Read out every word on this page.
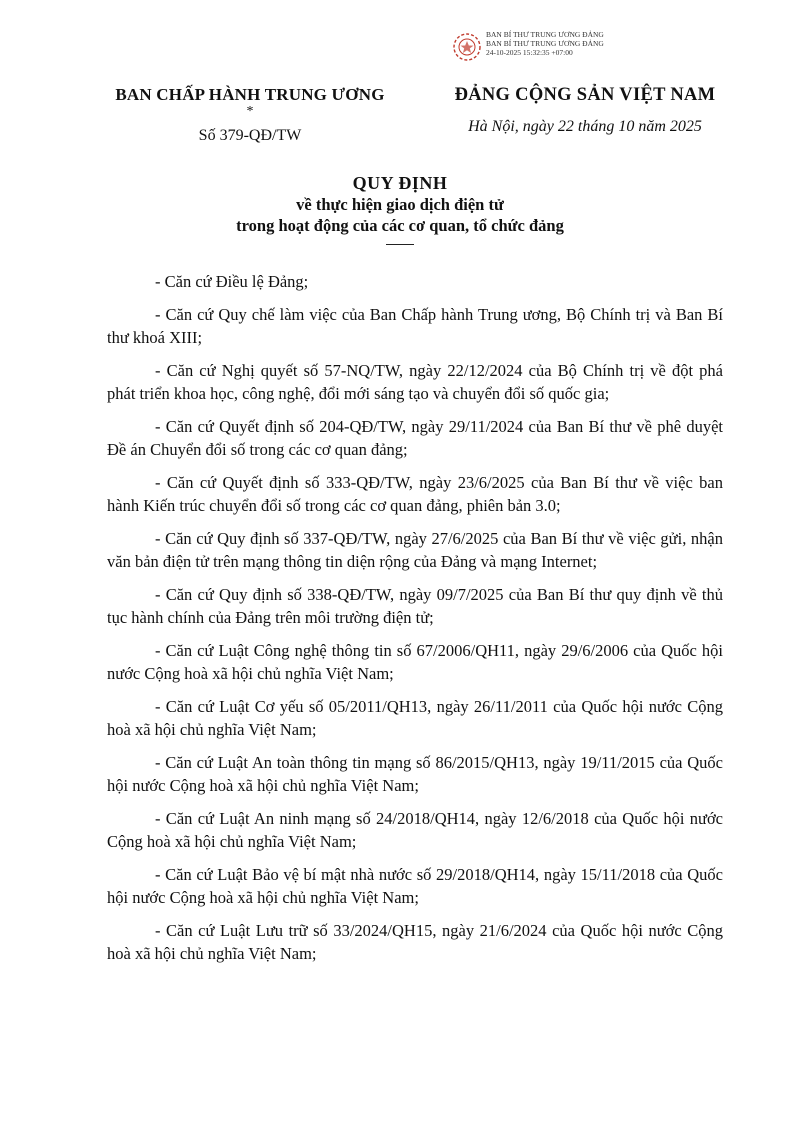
BAN BÍ THƯ TRUNG ƯƠNG ĐẢNG
BAN BÍ THƯ TRUNG ƯƠNG ĐẢNG
24-10-2025 15:32:35 +07:00
BAN CHẤP HÀNH TRUNG ƯƠNG
*
Số 379-QĐ/TW
ĐẢNG CỘNG SẢN VIỆT NAM
Hà Nội, ngày 22 tháng 10 năm 2025
QUY ĐỊNH
về thực hiện giao dịch điện tử
trong hoạt động của các cơ quan, tổ chức đảng

- Căn cứ Điều lệ Đảng;

- Căn cứ Quy chế làm việc của Ban Chấp hành Trung ương, Bộ Chính trị và Ban Bí thư khoá XIII;

- Căn cứ Nghị quyết số 57-NQ/TW, ngày 22/12/2024 của Bộ Chính trị về đột phá phát triển khoa học, công nghệ, đổi mới sáng tạo và chuyển đổi số quốc gia;

- Căn cứ Quyết định số 204-QĐ/TW, ngày 29/11/2024 của Ban Bí thư về phê duyệt Đề án Chuyển đổi số trong các cơ quan đảng;

- Căn cứ Quyết định số 333-QĐ/TW, ngày 23/6/2025 của Ban Bí thư về việc ban hành Kiến trúc chuyển đổi số trong các cơ quan đảng, phiên bản 3.0;

- Căn cứ Quy định số 337-QĐ/TW, ngày 27/6/2025 của Ban Bí thư về việc gửi, nhận văn bản điện tử trên mạng thông tin diện rộng của Đảng và mạng Internet;

- Căn cứ Quy định số 338-QĐ/TW, ngày 09/7/2025 của Ban Bí thư quy định về thủ tục hành chính của Đảng trên môi trường điện tử;

- Căn cứ Luật Công nghệ thông tin số 67/2006/QH11, ngày 29/6/2006 của Quốc hội nước Cộng hoà xã hội chủ nghĩa Việt Nam;

- Căn cứ Luật Cơ yếu số 05/2011/QH13, ngày 26/11/2011 của Quốc hội nước Cộng hoà xã hội chủ nghĩa Việt Nam;

- Căn cứ Luật An toàn thông tin mạng số 86/2015/QH13, ngày 19/11/2015 của Quốc hội nước Cộng hoà xã hội chủ nghĩa Việt Nam;

- Căn cứ Luật An ninh mạng số 24/2018/QH14, ngày 12/6/2018 của Quốc hội nước Cộng hoà xã hội chủ nghĩa Việt Nam;

- Căn cứ Luật Bảo vệ bí mật nhà nước số 29/2018/QH14, ngày 15/11/2018 của Quốc hội nước Cộng hoà xã hội chủ nghĩa Việt Nam;

- Căn cứ Luật Lưu trữ số 33/2024/QH15, ngày 21/6/2024 của Quốc hội nước Cộng hoà xã hội chủ nghĩa Việt Nam;
